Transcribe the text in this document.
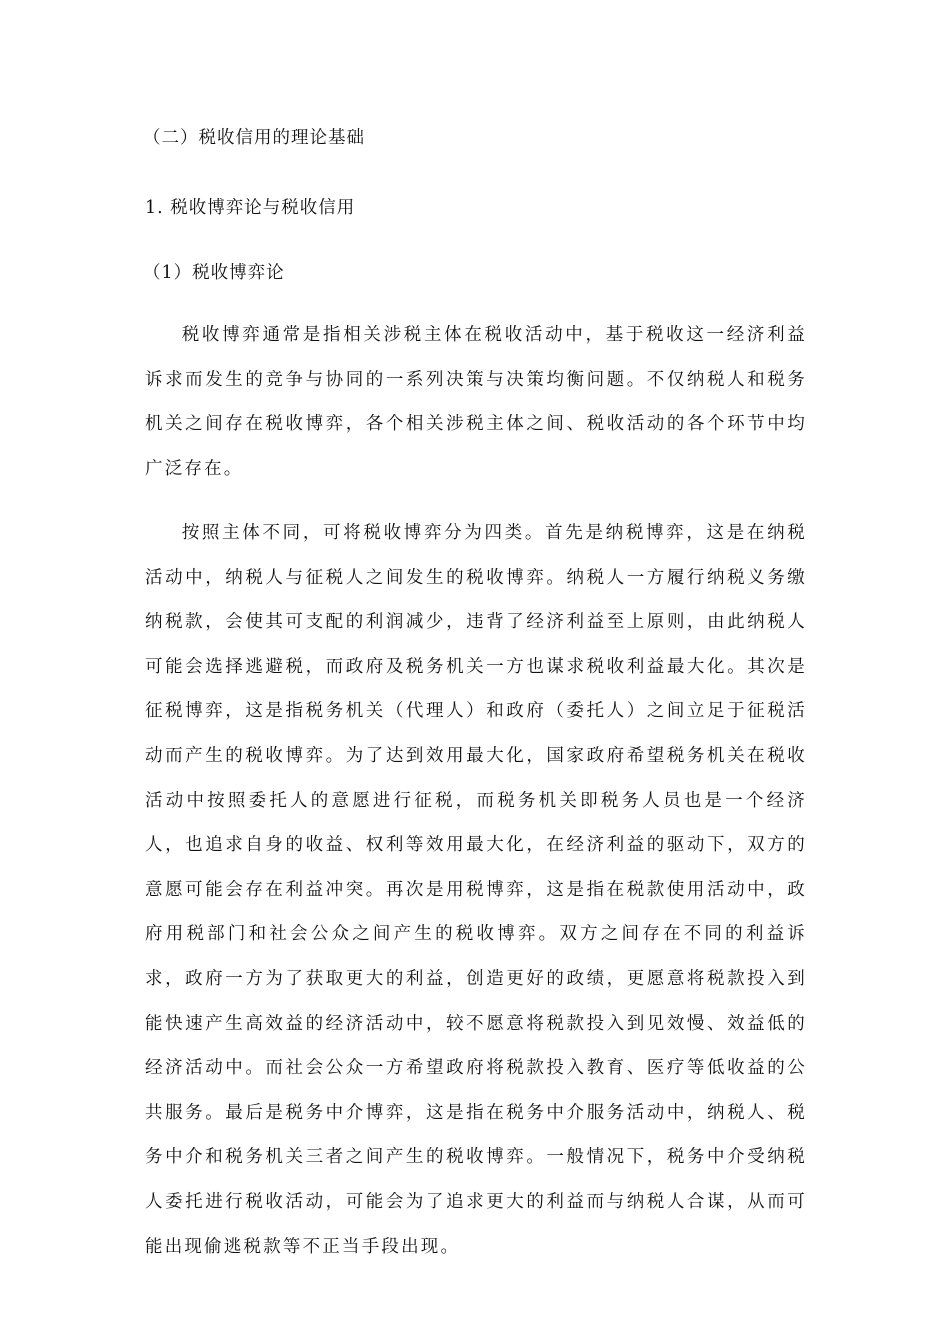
（二）税收信用的理论基础
1. 税收博弈论与税收信用
（1）税收博弈论

税收博弈通常是指相关涉税主体在税收活动中，基于税收这一经济利益诉求而发生的竞争与协同的一系列决策与决策均衡问题。不仅纳税人和税务机关之间存在税收博弈，各个相关涉税主体之间、税收活动的各个环节中均广泛存在。

按照主体不同，可将税收博弈分为四类。首先是纳税博弈，这是在纳税活动中，纳税人与征税人之间发生的税收博弈。纳税人一方履行纳税义务缴纳税款，会使其可支配的利润减少，违背了经济利益至上原则，由此纳税人可能会选择逃避税，而政府及税务机关一方也谋求税收利益最大化。其次是征税博弈，这是指税务机关（代理人）和政府（委托人）之间立足于征税活动而产生的税收博弈。为了达到效用最大化，国家政府希望税务机关在税收活动中按照委托人的意愿进行征税，而税务机关即税务人员也是一个经济人，也追求自身的收益、权利等效用最大化，在经济利益的驱动下，双方的意愿可能会存在利益冲突。再次是用税博弈，这是指在税款使用活动中，政府用税部门和社会公众之间产生的税收博弈。双方之间存在不同的利益诉求，政府一方为了获取更大的利益，创造更好的政绩，更愿意将税款投入到能快速产生高效益的经济活动中，较不愿意将税款投入到见效慢、效益低的经济活动中。而社会公众一方希望政府将税款投入教育、医疗等低收益的公共服务。最后是税务中介博弈，这是指在税务中介服务活动中，纳税人、税务中介和税务机关三者之间产生的税收博弈。一般情况下，税务中介受纳税人委托进行税收活动，可能会为了追求更大的利益而与纳税人合谋，从而可能出现偷逃税款等不正当手段出现。
